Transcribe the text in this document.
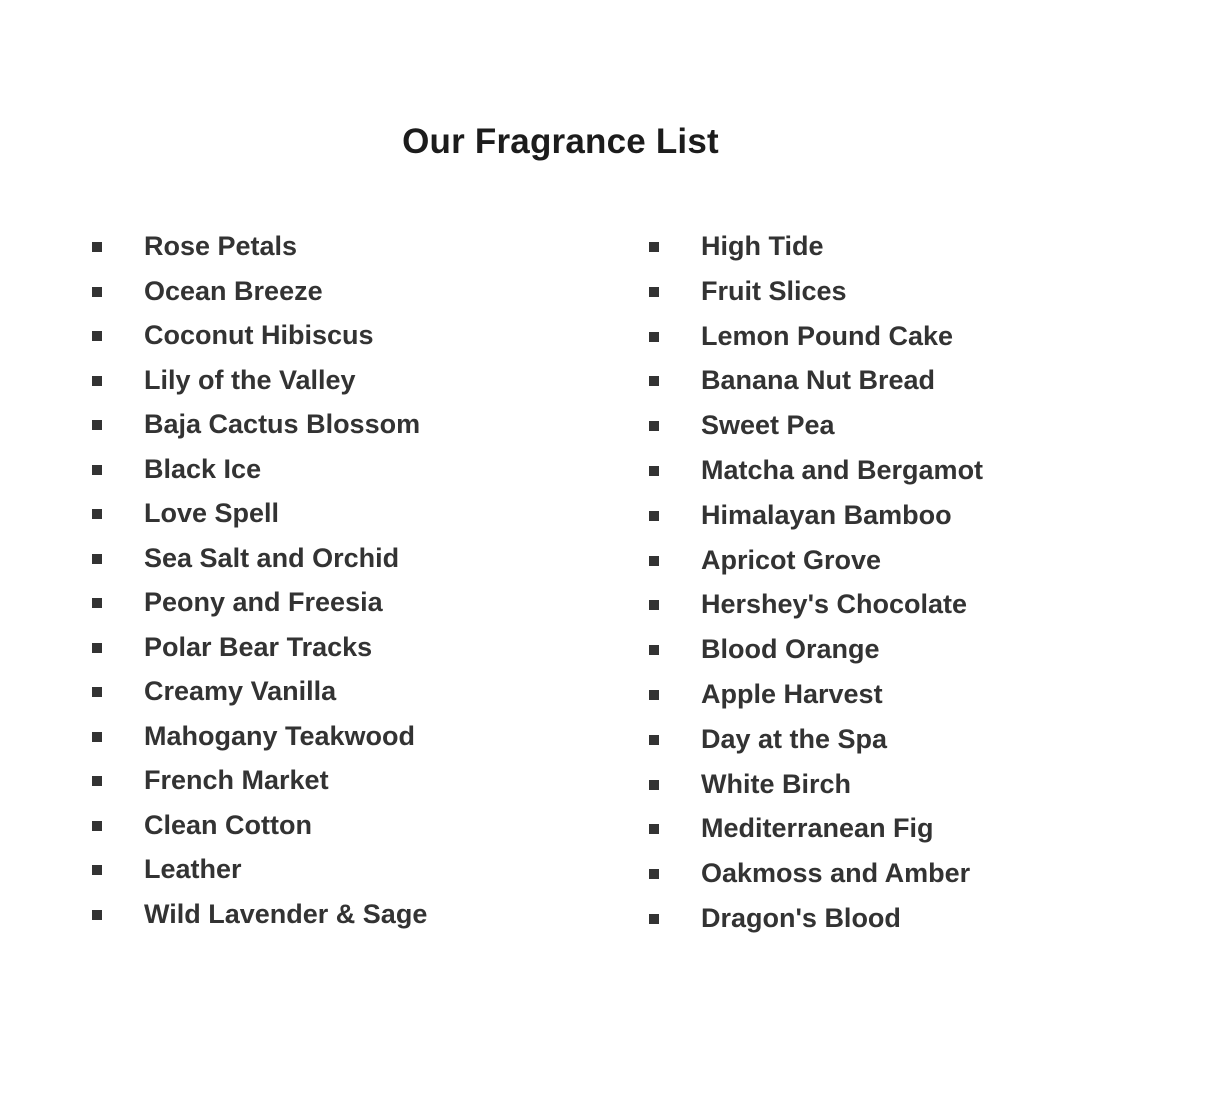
Our Fragrance List
Rose Petals
Ocean Breeze
Coconut Hibiscus
Lily of the Valley
Baja Cactus Blossom
Black Ice
Love Spell
Sea Salt and Orchid
Peony and Freesia
Polar Bear Tracks
Creamy Vanilla
Mahogany Teakwood
French Market
Clean Cotton
Leather
Wild Lavender & Sage
High Tide
Fruit Slices
Lemon Pound Cake
Banana Nut Bread
Sweet Pea
Matcha and Bergamot
Himalayan Bamboo
Apricot Grove
Hershey's Chocolate
Blood Orange
Apple Harvest
Day at the Spa
White Birch
Mediterranean Fig
Oakmoss and Amber
Dragon's Blood
